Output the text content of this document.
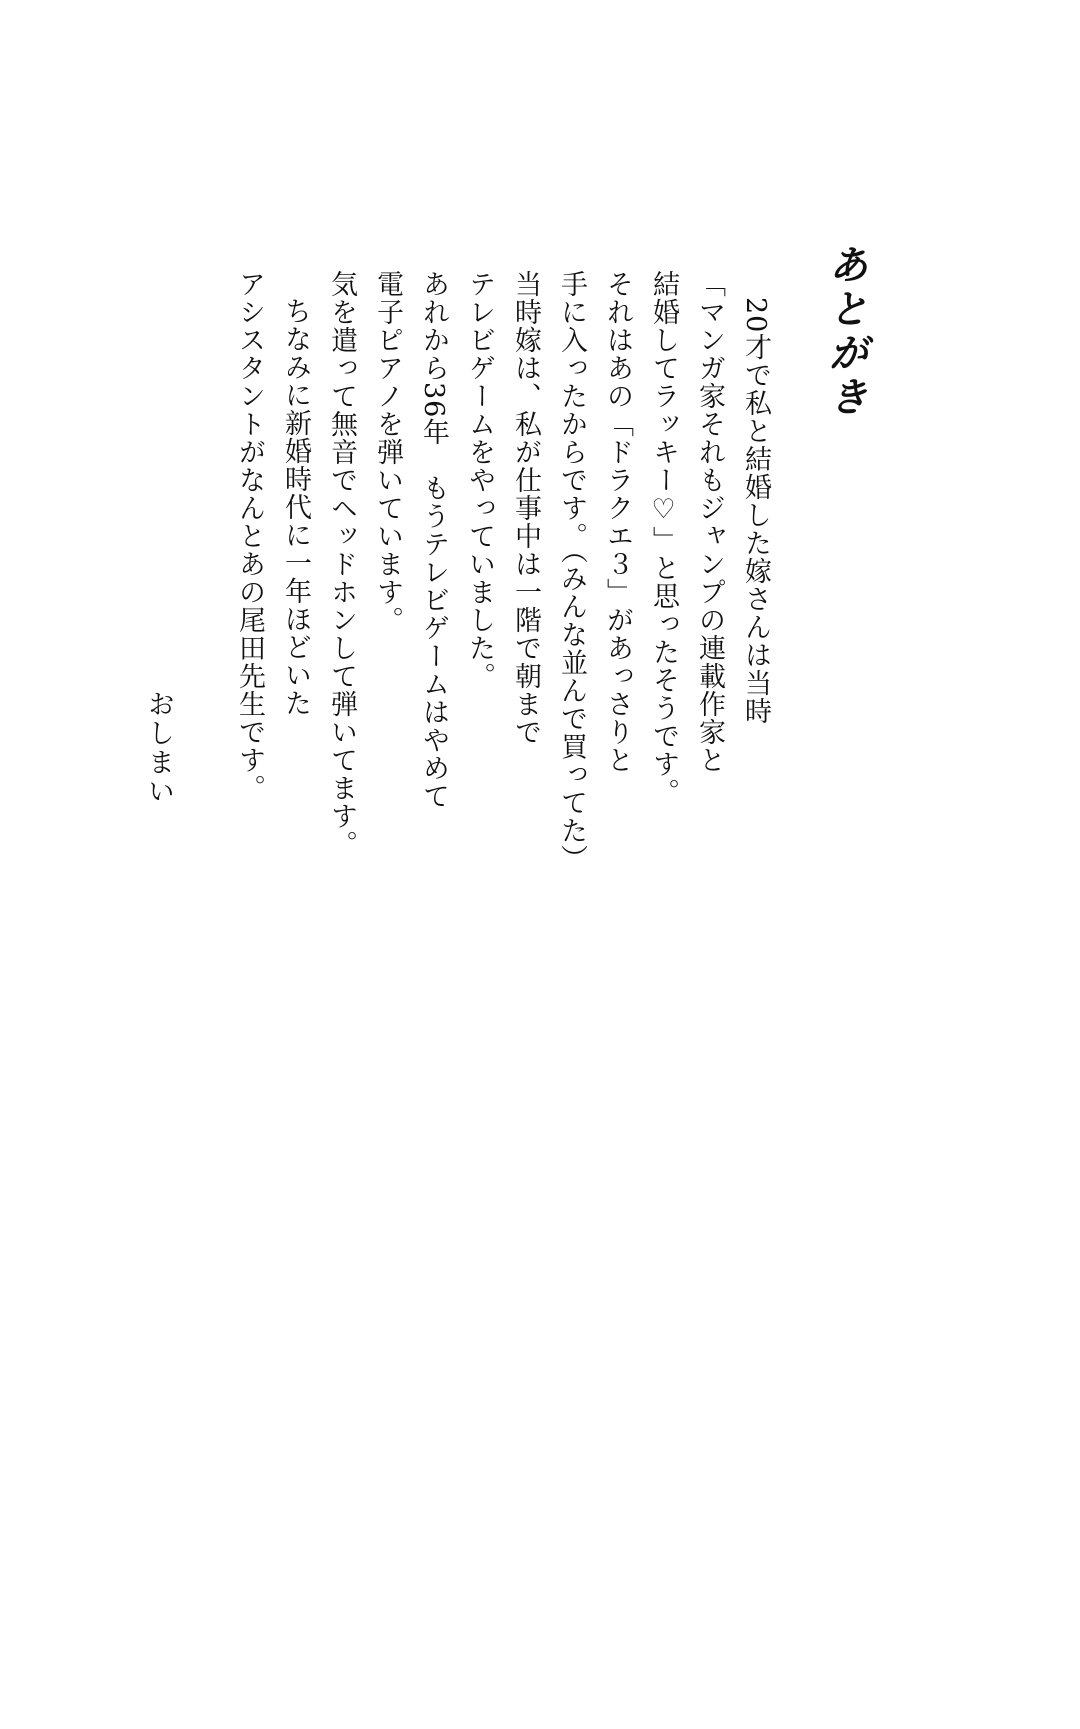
あとがき
20才で私と結婚した嫁さんは当時
「マンガ家それもジャンプの連載作家と
結婚してラッキー♡」と思ったそうです。
それはあの「ドラクエ３」があっさりと
手に入ったからです。（みんな並んで買ってた）
当時嫁は、私が仕事中は一階で朝まで
テレビゲームをやっていました。
あれから36年　もうテレビゲームはやめて
電子ピアノを弾いています。
気を遣って無音でヘッドホンして弾いてます。
ちなみに新婚時代に一年ほどいた
アシスタントがなんとあの尾田先生です。
おしまい
